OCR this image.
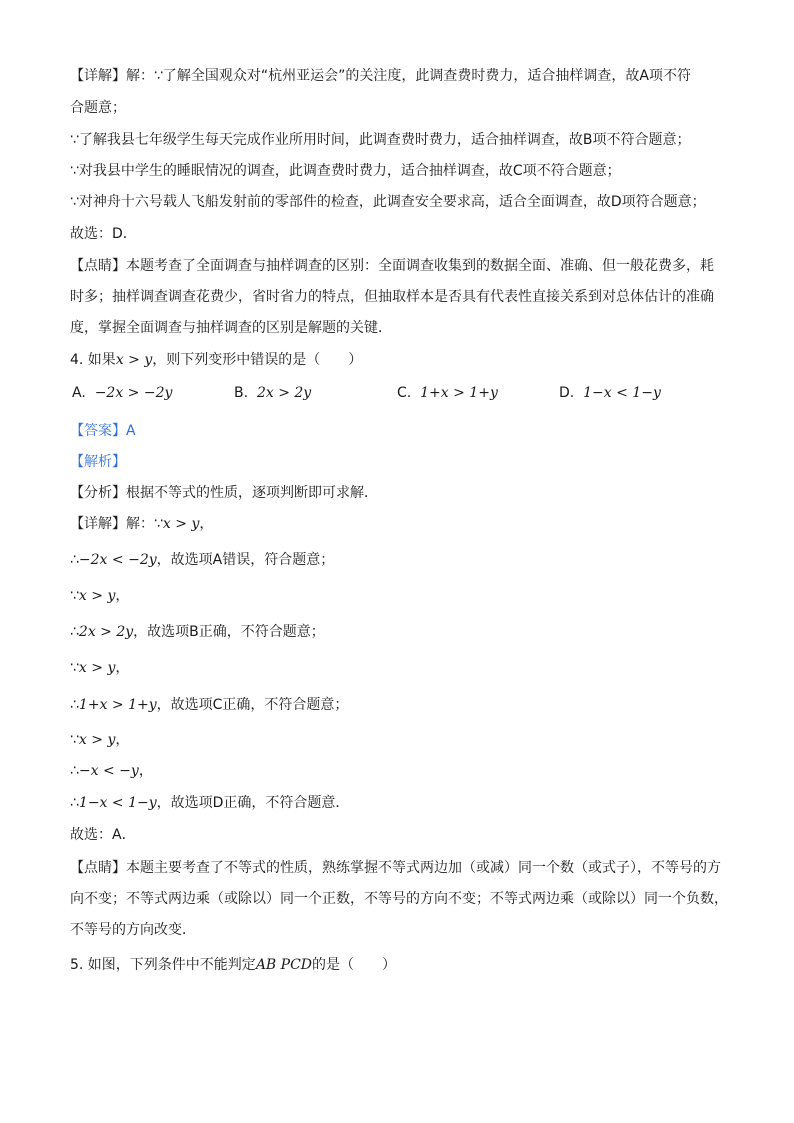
【详解】解：∵了解全国观众对“杭州亚运会”的关注度，此调查费时费力，适合抽样调查，故A项不符
合题意；
∵了解我县七年级学生每天完成作业所用时间，此调查费时费力，适合抽样调查，故B项不符合题意；
∵对我县中学生的睡眠情况的调查，此调查费时费力，适合抽样调查，故C项不符合题意；
∵对神舟十六号载人飞船发射前的零部件的检查，此调查安全要求高，适合全面调查，故D项符合题意；
故选：D．
【点睛】本题考查了全面调查与抽样调查的区别：全面调查收集到的数据全面、准确、但一般花费多，耗
时多；抽样调查调查花费少，省时省力的特点，但抽取样本是否具有代表性直接关系到对总体估计的准确
度，掌握全面调查与抽样调查的区别是解题的关键．
4. 如果x > y，则下列变形中错误的是（　　）
A. −2x > −2y	B. 2x > 2y	C. 1+x > 1+y	D. 1−x < 1−y
【答案】A
【解析】
【分析】根据不等式的性质，逐项判断即可求解．
【详解】解：∵x > y，
∴−2x < −2y，故选项A错误，符合题意；
∵x > y，
∴2x > 2y，故选项B正确，不符合题意；
∵x > y，
∴1+x > 1+y，故选项C正确，不符合题意；
∵x > y，
∴−x < −y，
∴1−x < 1−y，故选项D正确，不符合题意．
故选：A．
【点睛】本题主要考查了不等式的性质，熟练掌握不等式两边加（或减）同一个数（或式子），不等号的方
向不变；不等式两边乘（或除以）同一个正数，不等号的方向不变；不等式两边乘（或除以）同一个负数，
不等号的方向改变．
5. 如图，下列条件中不能判定AB PCD的是（　　）
